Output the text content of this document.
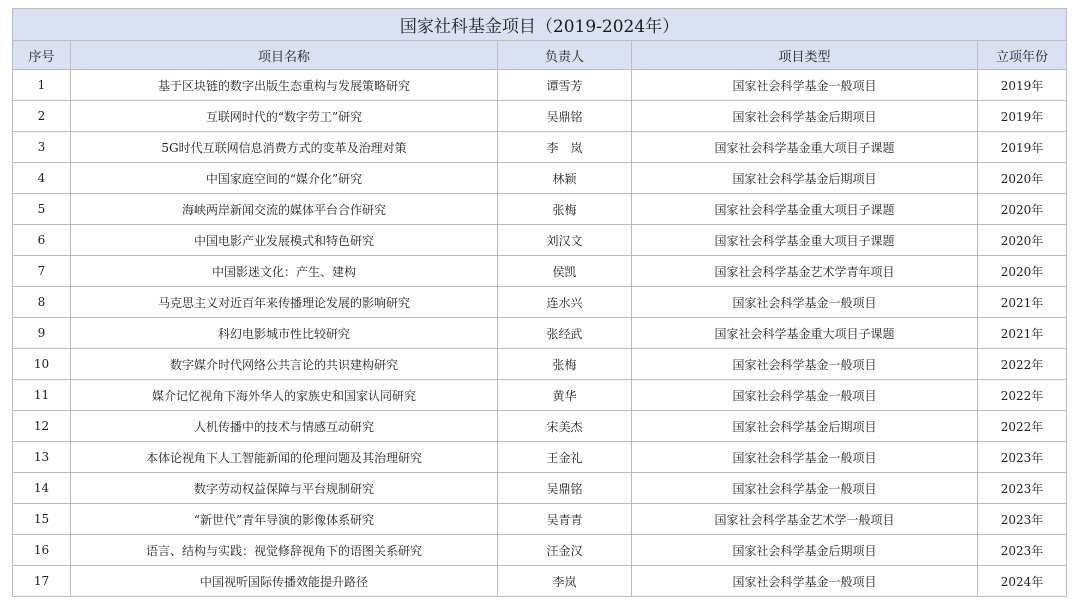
国家社科基金项目（2019-2024年）				
序号	项目名称	负责人	项目类型	立项年份
1	基于区块链的数字出版生态重构与发展策略研究	谭雪芳	国家社会科学基金一般项目	2019年
2	互联网时代的“数字劳工”研究	吴鼎铭	国家社会科学基金后期项目	2019年
3	5G时代互联网信息消费方式的变革及治理对策	李　岚	国家社会科学基金重大项目子课题	2019年
4	中国家庭空间的“媒介化”研究	林颖	国家社会科学基金后期项目	2020年
5	海峡两岸新闻交流的媒体平台合作研究	张梅	国家社会科学基金重大项目子课题	2020年
6	中国电影产业发展模式和特色研究	刘汉文	国家社会科学基金重大项目子课题	2020年
7	中国影迷文化：产生、建构	侯凯	国家社会科学基金艺术学青年项目	2020年
8	马克思主义对近百年来传播理论发展的影响研究	连水兴	国家社会科学基金一般项目	2021年
9	科幻电影城市性比较研究	张经武	国家社会科学基金重大项目子课题	2021年
10	数字媒介时代网络公共言论的共识建构研究	张梅	国家社会科学基金一般项目	2022年
11	媒介记忆视角下海外华人的家族史和国家认同研究	黄华	国家社会科学基金一般项目	2022年
12	人机传播中的技术与情感互动研究	宋美杰	国家社会科学基金后期项目	2022年
13	本体论视角下人工智能新闻的伦理问题及其治理研究	王金礼	国家社会科学基金一般项目	2023年
14	数字劳动权益保障与平台规制研究	吴鼎铭	国家社会科学基金一般项目	2023年
15	“新世代”青年导演的影像体系研究	吴青青	国家社会科学基金艺术学一般项目	2023年
16	语言、结构与实践：视觉修辞视角下的语图关系研究	汪金汉	国家社会科学基金后期项目	2023年
17	中国视听国际传播效能提升路径	李岚	国家社会科学基金一般项目	2024年
